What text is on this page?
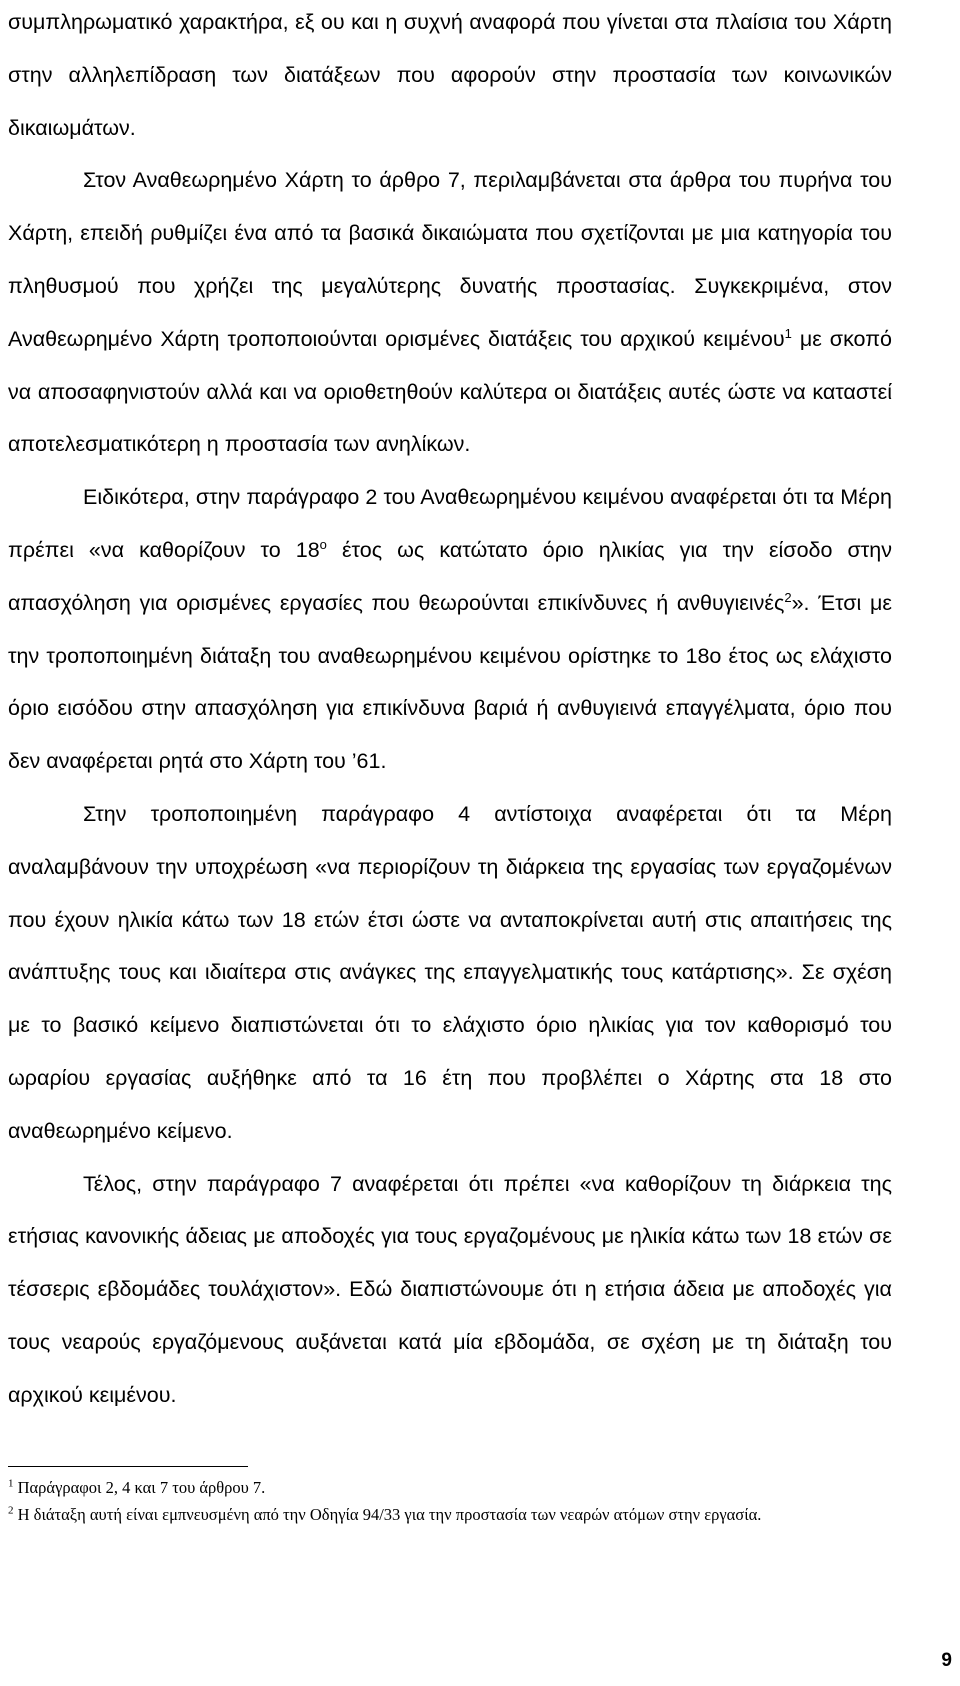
συμπληρωματικό χαρακτήρα, εξ ου και η συχνή αναφορά που γίνεται στα πλαίσια του Χάρτη στην αλληλεπίδραση των διατάξεων που αφορούν στην προστασία των κοινωνικών δικαιωμάτων.

Στον Αναθεωρημένο Χάρτη το άρθρο 7, περιλαμβάνεται στα άρθρα του πυρήνα του Χάρτη, επειδή ρυθμίζει ένα από τα βασικά δικαιώματα που σχετίζονται με μια κατηγορία του πληθυσμού που χρήζει της μεγαλύτερης δυνατής προστασίας. Συγκεκριμένα, στον Αναθεωρημένο Χάρτη τροποποιούνται ορισμένες διατάξεις του αρχικού κειμένου$^1$ με σκοπό να αποσαφηνιστούν αλλά και να οριοθετηθούν καλύτερα οι διατάξεις αυτές ώστε να καταστεί αποτελεσματικότερη η προστασία των ανηλίκων.

Ειδικότερα, στην παράγραφο 2 του Αναθεωρημένου κειμένου αναφέρεται ότι τα Μέρη πρέπει «να καθορίζουν το $18^o$ έτος ως κατώτατο όριο ηλικίας για την είσοδο στην απασχόληση για ορισμένες εργασίες που θεωρούνται επικίνδυνες ή ανθυγιεινές$^2$». Έτσι με την τροποποιημένη διάταξη του αναθεωρημένου κειμένου ορίστηκε το 18ο έτος ως ελάχιστο όριο εισόδου στην απασχόληση για επικίνδυνα βαριά ή ανθυγιεινά επαγγέλματα, όριο που δεν αναφέρεται ρητά στο Χάρτη του ’61.

Στην τροποποιημένη παράγραφο 4 αντίστοιχα αναφέρεται ότι τα Μέρη αναλαμβάνουν την υποχρέωση «να περιορίζουν τη διάρκεια της εργασίας των εργαζομένων που έχουν ηλικία κάτω των 18 ετών έτσι ώστε να ανταποκρίνεται αυτή στις απαιτήσεις της ανάπτυξης τους και ιδιαίτερα στις ανάγκες της επαγγελματικής τους κατάρτισης». Σε σχέση με το βασικό κείμενο διαπιστώνεται ότι το ελάχιστο όριο ηλικίας για τον καθορισμό του ωραρίου εργασίας αυξήθηκε από τα 16 έτη που προβλέπει ο Χάρτης στα 18 στο αναθεωρημένο κείμενο.

Τέλος, στην παράγραφο 7 αναφέρεται ότι πρέπει «να καθορίζουν τη διάρκεια της ετήσιας κανονικής άδειας με αποδοχές για τους εργαζομένους με ηλικία κάτω των 18 ετών σε τέσσερις εβδομάδες τουλάχιστον». Εδώ διαπιστώνουμε ότι η ετήσια άδεια με αποδοχές για τους νεαρούς εργαζόμενους αυξάνεται κατά μία εβδομάδα, σε σχέση με τη διάταξη του αρχικού κειμένου.

$^1$ Παράγραφοι 2, 4 και 7 του άρθρου 7.

$^2$ Η διάταξη αυτή είναι εμπνευσμένη από την Οδηγία 94/33 για την προστασία των νεαρών ατόμων στην εργασία.

9
